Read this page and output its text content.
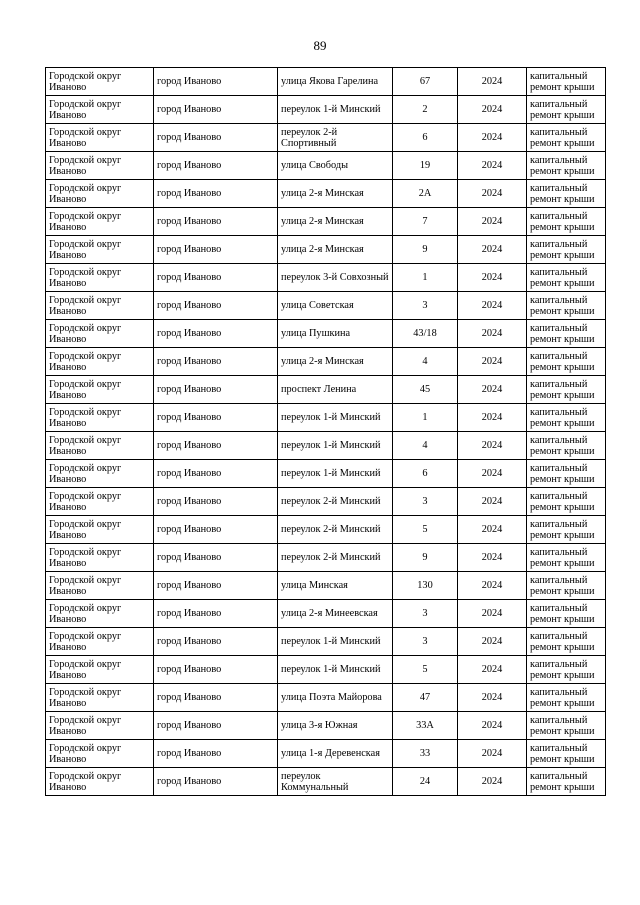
89
Городской округ Иваново	город Иваново	улица Якова Гарелина	67	2024	капитальный ремонт крыши
Городской округ Иваново	город Иваново	переулок 1-й Минский	2	2024	капитальный ремонт крыши
Городской округ Иваново	город Иваново	переулок 2-й Спортивный	6	2024	капитальный ремонт крыши
Городской округ Иваново	город Иваново	улица Свободы	19	2024	капитальный ремонт крыши
Городской округ Иваново	город Иваново	улица 2-я Минская	2А	2024	капитальный ремонт крыши
Городской округ Иваново	город Иваново	улица 2-я Минская	7	2024	капитальный ремонт крыши
Городской округ Иваново	город Иваново	улица 2-я Минская	9	2024	капитальный ремонт крыши
Городской округ Иваново	город Иваново	переулок 3-й Совхозный	1	2024	капитальный ремонт крыши
Городской округ Иваново	город Иваново	улица Советская	3	2024	капитальный ремонт крыши
Городской округ Иваново	город Иваново	улица Пушкина	43/18	2024	капитальный ремонт крыши
Городской округ Иваново	город Иваново	улица 2-я Минская	4	2024	капитальный ремонт крыши
Городской округ Иваново	город Иваново	проспект Ленина	45	2024	капитальный ремонт крыши
Городской округ Иваново	город Иваново	переулок 1-й Минский	1	2024	капитальный ремонт крыши
Городской округ Иваново	город Иваново	переулок 1-й Минский	4	2024	капитальный ремонт крыши
Городской округ Иваново	город Иваново	переулок 1-й Минский	6	2024	капитальный ремонт крыши
Городской округ Иваново	город Иваново	переулок 2-й Минский	3	2024	капитальный ремонт крыши
Городской округ Иваново	город Иваново	переулок 2-й Минский	5	2024	капитальный ремонт крыши
Городской округ Иваново	город Иваново	переулок 2-й Минский	9	2024	капитальный ремонт крыши
Городской округ Иваново	город Иваново	улица Минская	130	2024	капитальный ремонт крыши
Городской округ Иваново	город Иваново	улица 2-я Минеевская	3	2024	капитальный ремонт крыши
Городской округ Иваново	город Иваново	переулок 1-й Минский	3	2024	капитальный ремонт крыши
Городской округ Иваново	город Иваново	переулок 1-й Минский	5	2024	капитальный ремонт крыши
Городской округ Иваново	город Иваново	улица Поэта Майорова	47	2024	капитальный ремонт крыши
Городской округ Иваново	город Иваново	улица 3-я Южная	33А	2024	капитальный ремонт крыши
Городской округ Иваново	город Иваново	улица 1-я Деревенская	33	2024	капитальный ремонт крыши
Городской округ Иваново	город Иваново	переулок Коммунальный	24	2024	капитальный ремонт крыши
